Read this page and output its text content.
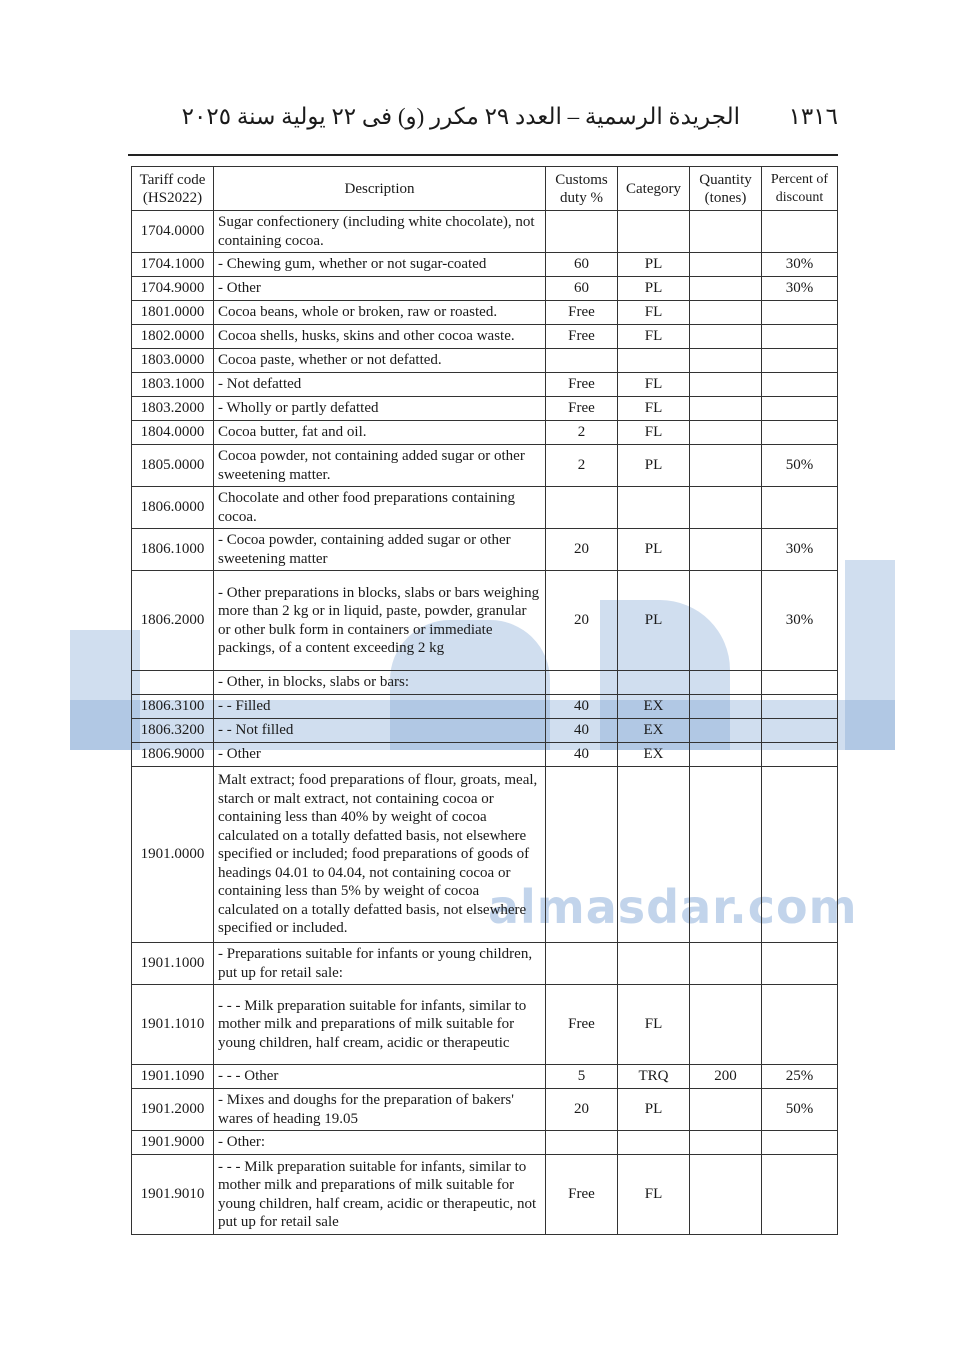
almasdar.com
الجريدة الرسمية – العدد ٢٩ مكرر (و) فى ٢٢ يولية سنة ٢٠٢٥ ١٣١٦
Tariff code (HS2022)	Description	Customs duty %	Category	Quantity (tones)	Percent of discount
1704.0000	Sugar confectionery (including white chocolate), not containing cocoa.				
1704.1000	- Chewing gum, whether or not sugar-coated	60	PL		30%
1704.9000	- Other	60	PL		30%
1801.0000	Cocoa beans, whole or broken, raw or roasted.	Free	FL		
1802.0000	Cocoa shells, husks, skins and other cocoa waste.	Free	FL		
1803.0000	Cocoa paste, whether or not defatted.				
1803.1000	- Not defatted	Free	FL		
1803.2000	- Wholly or partly defatted	Free	FL		
1804.0000	Cocoa butter, fat and oil.	2	FL		
1805.0000	Cocoa powder, not containing added sugar or other sweetening matter.	2	PL		50%
1806.0000	Chocolate and other food preparations containing cocoa.				
1806.1000	- Cocoa powder, containing added sugar or other sweetening matter	20	PL		30%
1806.2000	- Other preparations in blocks, slabs or bars weighing more than 2 kg or in liquid, paste, powder, granular or other bulk form in containers or immediate packings, of a content exceeding 2 kg	20	PL		30%
	- Other, in blocks, slabs or bars:				
1806.3100	- - Filled	40	EX		
1806.3200	- - Not filled	40	EX		
1806.9000	- Other	40	EX		
1901.0000	Malt extract; food preparations of flour, groats, meal, starch or malt extract, not containing cocoa or containing less than 40% by weight of cocoa calculated on a totally defatted basis, not elsewhere specified or included; food preparations of goods of headings 04.01 to 04.04, not containing cocoa or containing less than 5% by weight of cocoa calculated on a totally defatted basis, not elsewhere specified or included.				
1901.1000	- Preparations suitable for infants or young children, put up for retail sale:				
1901.1010	- - - Milk preparation suitable for infants, similar to mother milk and preparations of milk suitable for young children, half cream, acidic or therapeutic	Free	FL		
1901.1090	- - - Other	5	TRQ	200	25%
1901.2000	- Mixes and doughs for the preparation of bakers' wares of heading 19.05	20	PL		50%
1901.9000	- Other:				
1901.9010	- - - Milk preparation suitable for infants, similar to mother milk and preparations of milk suitable for young children, half cream, acidic or therapeutic, not put up for retail sale	Free	FL		
